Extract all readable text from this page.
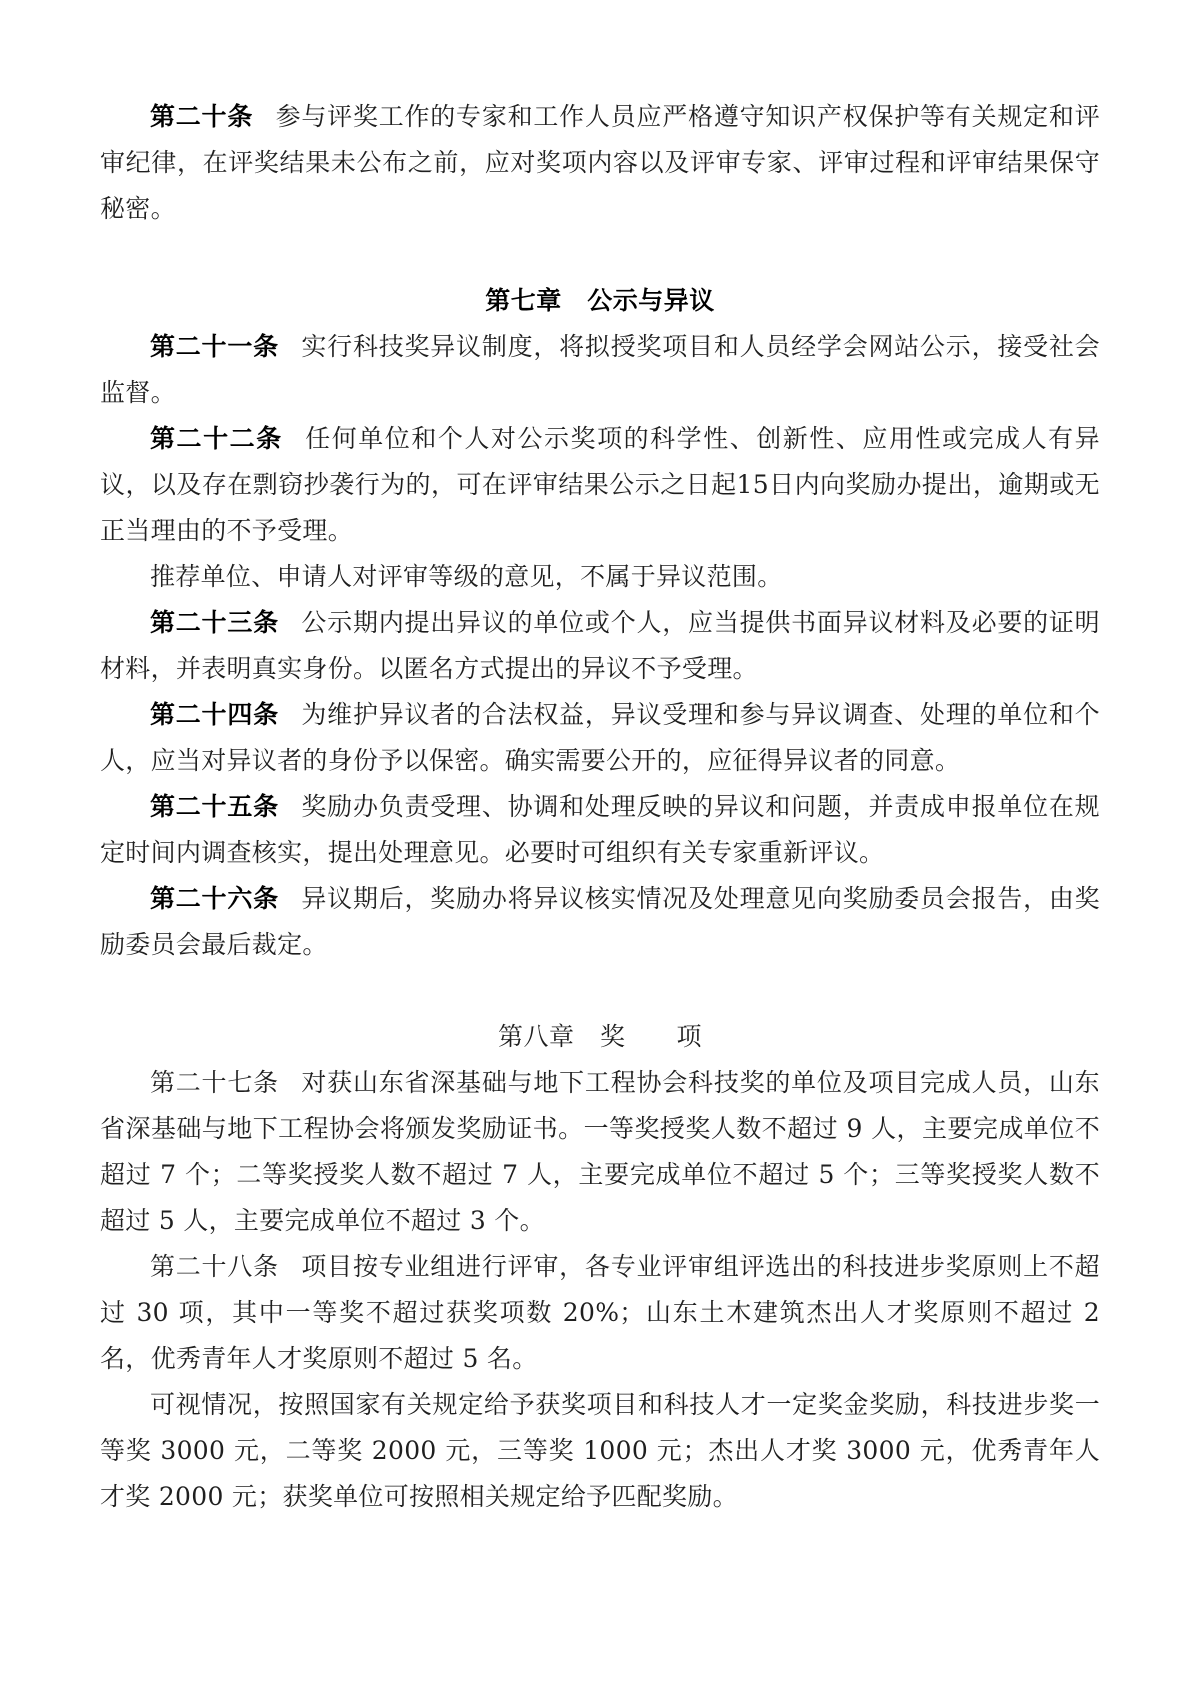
第二十条 参与评奖工作的专家和工作人员应严格遵守知识产权保护等有关规定和评审纪律，在评奖结果未公布之前，应对奖项内容以及评审专家、评审过程和评审结果保守秘密。

第七章　公示与异议

第二十一条 实行科技奖异议制度，将拟授奖项目和人员经学会网站公示，接受社会监督。

第二十二条 任何单位和个人对公示奖项的科学性、创新性、应用性或完成人有异议，以及存在剽窃抄袭行为的，可在评审结果公示之日起15日内向奖励办提出，逾期或无正当理由的不予受理。

推荐单位、申请人对评审等级的意见，不属于异议范围。

第二十三条 公示期内提出异议的单位或个人，应当提供书面异议材料及必要的证明材料，并表明真实身份。以匿名方式提出的异议不予受理。

第二十四条 为维护异议者的合法权益，异议受理和参与异议调查、处理的单位和个人，应当对异议者的身份予以保密。确实需要公开的，应征得异议者的同意。

第二十五条 奖励办负责受理、协调和处理反映的异议和问题，并责成申报单位在规定时间内调查核实，提出处理意见。必要时可组织有关专家重新评议。

第二十六条 异议期后，奖励办将异议核实情况及处理意见向奖励委员会报告，由奖励委员会最后裁定。

第八章　奖　　项

第二十七条 对获山东省深基础与地下工程协会科技奖的单位及项目完成人员，山东省深基础与地下工程协会将颁发奖励证书。一等奖授奖人数不超过 9 人，主要完成单位不超过 7 个；二等奖授奖人数不超过 7 人，主要完成单位不超过 5 个；三等奖授奖人数不超过 5 人，主要完成单位不超过 3 个。

第二十八条 项目按专业组进行评审，各专业评审组评选出的科技进步奖原则上不超过 30 项，其中一等奖不超过获奖项数 20%；山东土木建筑杰出人才奖原则不超过 2 名，优秀青年人才奖原则不超过 5 名。

可视情况，按照国家有关规定给予获奖项目和科技人才一定奖金奖励，科技进步奖一等奖 3000 元，二等奖 2000 元，三等奖 1000 元；杰出人才奖 3000 元，优秀青年人才奖 2000 元；获奖单位可按照相关规定给予匹配奖励。
